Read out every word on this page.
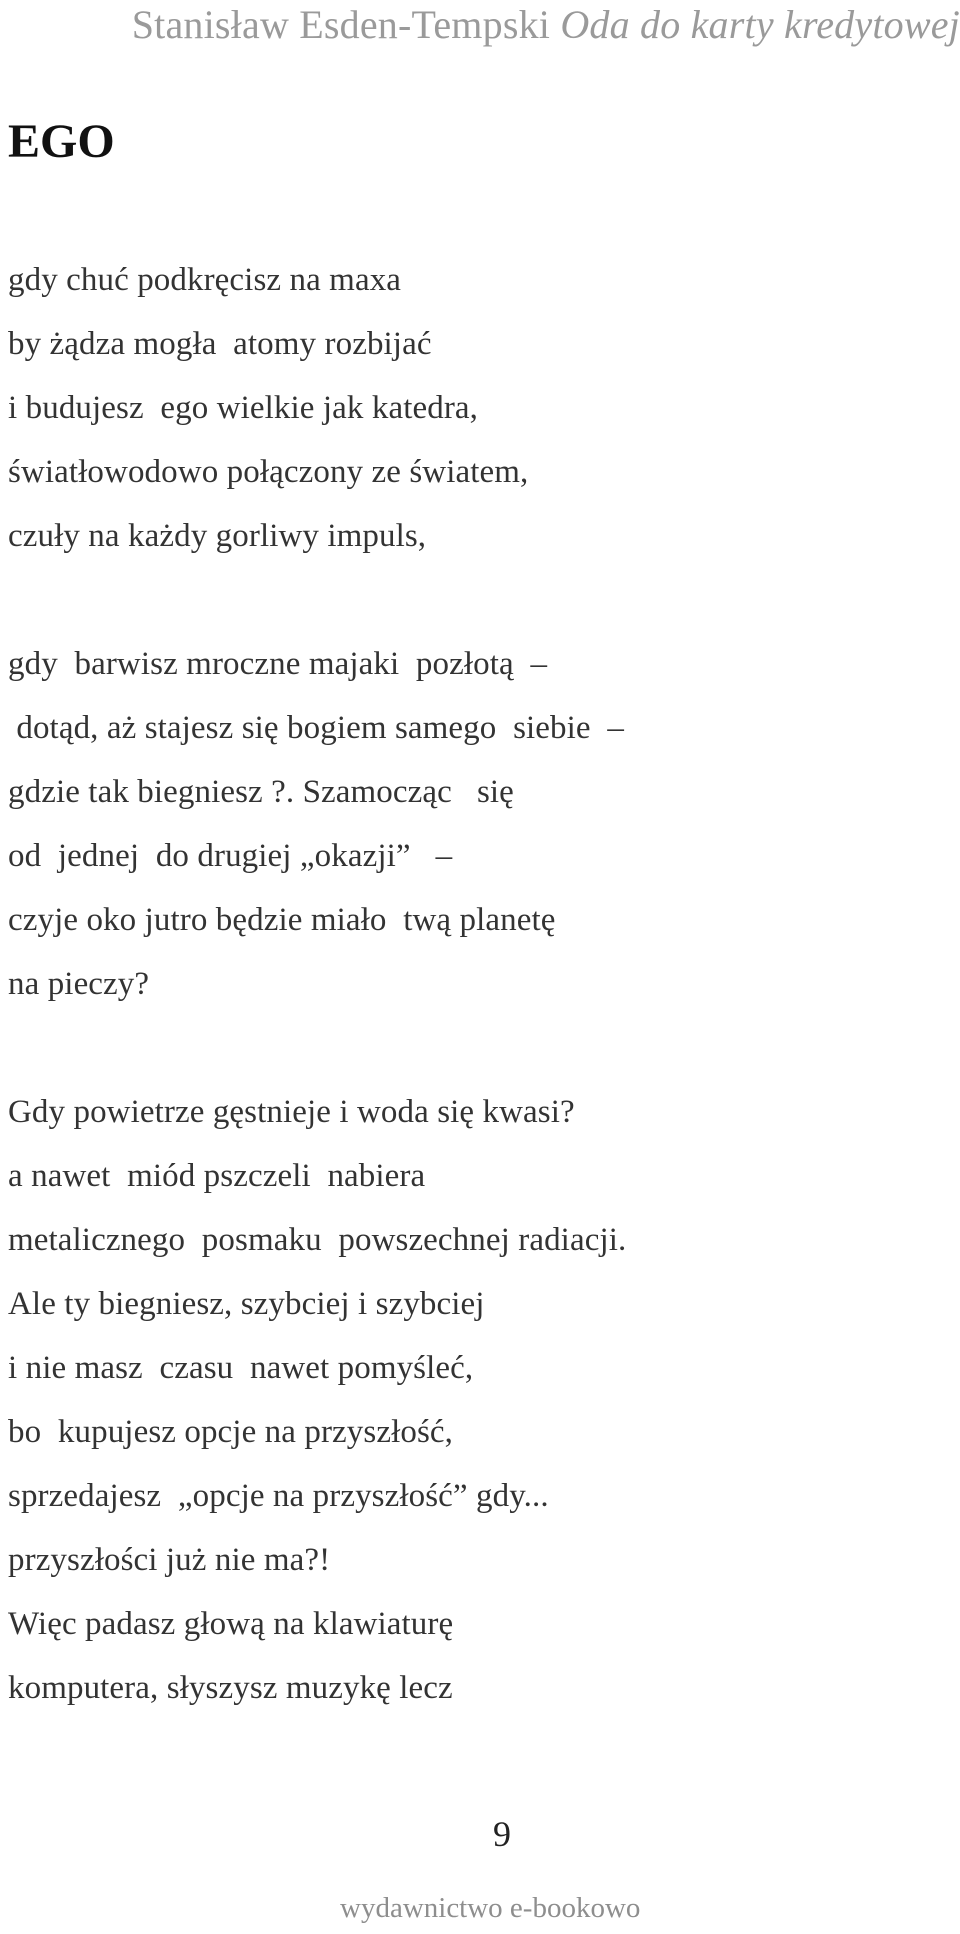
Stanisław Esden-Tempski Oda do karty kredytowej
EGO
gdy chuć podkręcisz na maxa
by żądza mogła  atomy rozbijać
i budujesz  ego wielkie jak katedra,
światłowodowo połączony ze światem,
czuły na każdy gorliwy impuls,
gdy  barwisz mroczne majaki  pozłotą  –
dotąd, aż stajesz się bogiem samego  siebie  –
gdzie tak biegniesz ?. Szamocząc   się
od  jednej  do drugiej „okazji”   –
czyje oko jutro będzie miało  twą planetę
na pieczy?
Gdy powietrze gęstnieje i woda się kwasi?
a nawet  miód pszczeli  nabiera
metalicznego  posmaku  powszechnej radiacji.
Ale ty biegniesz, szybciej i szybciej
i nie masz  czasu  nawet pomyśleć,
bo  kupujesz opcje na przyszłość,
sprzedajesz  „opcje na przyszłość” gdy...
przyszłości już nie ma?!
Więc padasz głową na klawiaturę
komputera, słyszysz muzykę lecz
9
wydawnictwo e-bookowo
